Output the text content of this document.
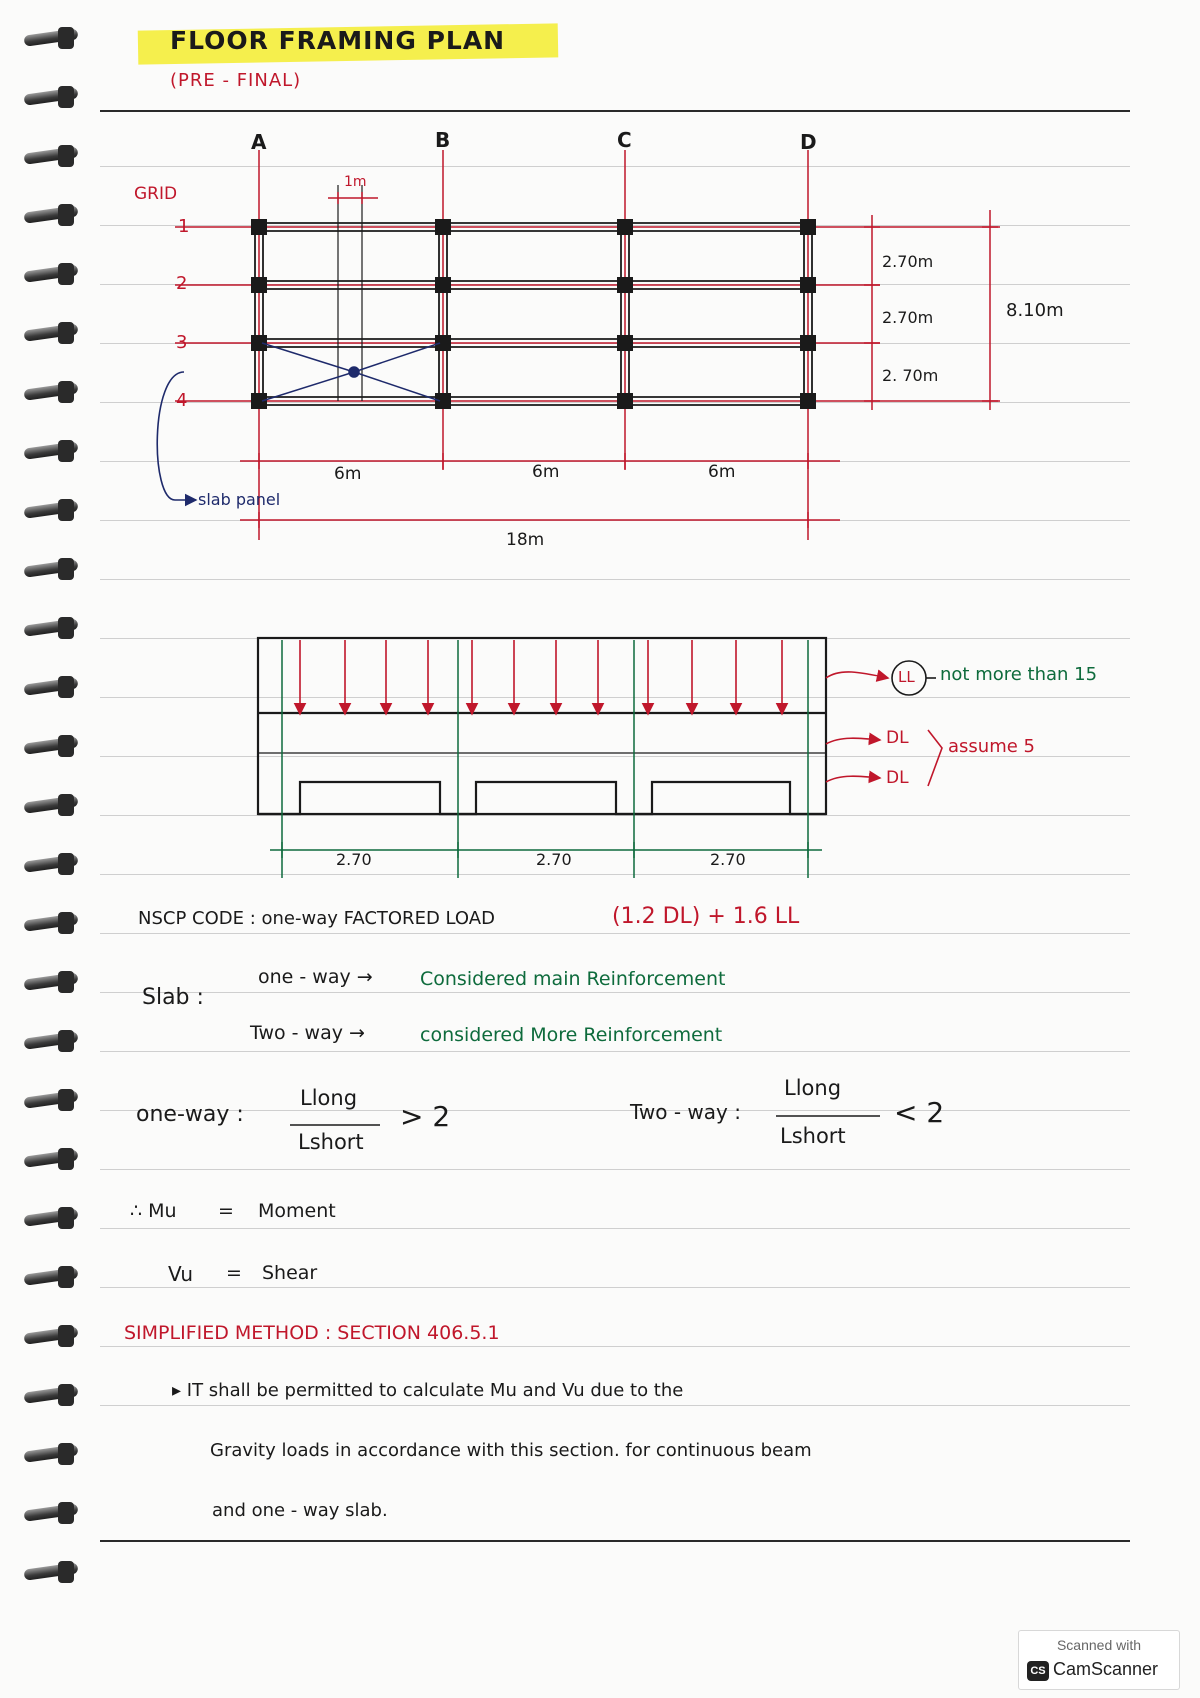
FLOOR FRAMING PLAN
(PRE - FINAL)
A	B	C	D
GRID
1
2
3
4
1m
6m	6m	6m
18m
slab panel
2.70m
2.70m
2. 70m
8.10m
2.70	2.70	2.70
LL not more than 15
DL
DL
assume 5
NSCP CODE : one-way FACTORED LOAD	(1.2 DL) + 1.6 LL
Slab :
one - way → Considered main Reinforcement
Two - way →	considered More Reinforcement
one-way :
Llong
Lshort
> 2	Two - way :
Llong
Lshort
< 2
∴ Mu = Moment
Vu = Shear
SIMPLIFIED METHOD : SECTION 406.5.1
▸ IT shall be permitted to calculate Mu and Vu due to the
Gravity loads in accordance with this section. for continuous beam
and one - way slab.
Scanned with
CS CamScanner
